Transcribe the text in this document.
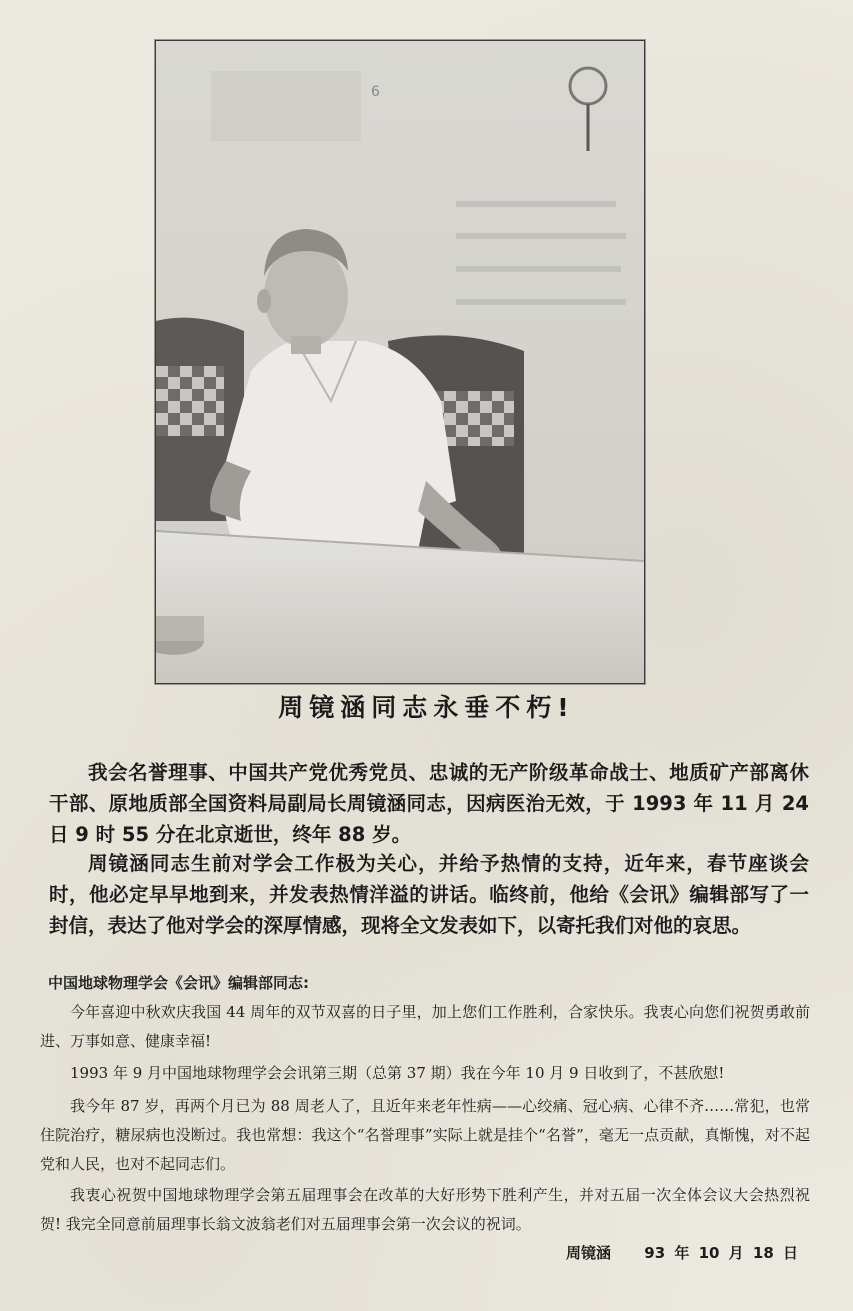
6
周镜涵同志永垂不朽!
我会名誉理事、中国共产党优秀党员、忠诚的无产阶级革命战士、地质矿产部离休干部、原地质部全国资料局副局长周镜涵同志，因病医治无效，于 1993 年 11 月 24 日 9 时 55 分在北京逝世，终年 88 岁。
周镜涵同志生前对学会工作极为关心，并给予热情的支持，近年来，春节座谈会时，他必定早早地到来，并发表热情洋溢的讲话。临终前，他给《会讯》编辑部写了一封信，表达了他对学会的深厚情感，现将全文发表如下，以寄托我们对他的哀思。
中国地球物理学会《会讯》编辑部同志:
今年喜迎中秋欢庆我国 44 周年的双节双喜的日子里，加上您们工作胜利，合家快乐。我衷心向您们祝贺勇敢前进、万事如意、健康幸福!
1993 年 9 月中国地球物理学会会讯第三期（总第 37 期）我在今年 10 月 9 日收到了，不甚欣慰!
我今年 87 岁，再两个月已为 88 周老人了，且近年来老年性病——心绞痛、冠心病、心律不齐……常犯，也常住院治疗，糖尿病也没断过。我也常想：我这个“名誉理事”实际上就是挂个“名誉”，毫无一点贡献，真惭愧，对不起党和人民，也对不起同志们。
我衷心祝贺中国地球物理学会第五届理事会在改革的大好形势下胜利产生，并对五届一次全体会议大会热烈祝贺! 我完全同意前届理事长翁文波翁老们对五届理事会第一次会议的祝词。
周镜涵 93 年 10 月 18 日
